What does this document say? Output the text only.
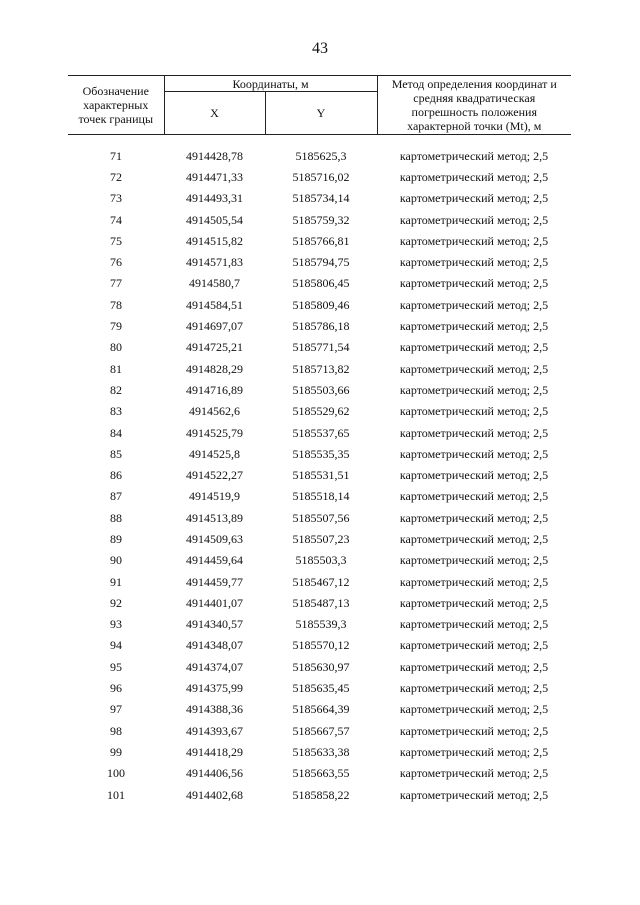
43
Обозначение характерных точек границы	Координаты, м		Метод определения координат и средняя квадратическая погрешность положения характерной точки (Mt), м
	X	Y	

71	4914428,78	5185625,3	картометрический метод; 2,5
72	4914471,33	5185716,02	картометрический метод; 2,5
73	4914493,31	5185734,14	картометрический метод; 2,5
74	4914505,54	5185759,32	картометрический метод; 2,5
75	4914515,82	5185766,81	картометрический метод; 2,5
76	4914571,83	5185794,75	картометрический метод; 2,5
77	4914580,7	5185806,45	картометрический метод; 2,5
78	4914584,51	5185809,46	картометрический метод; 2,5
79	4914697,07	5185786,18	картометрический метод; 2,5
80	4914725,21	5185771,54	картометрический метод; 2,5
81	4914828,29	5185713,82	картометрический метод; 2,5
82	4914716,89	5185503,66	картометрический метод; 2,5
83	4914562,6	5185529,62	картометрический метод; 2,5
84	4914525,79	5185537,65	картометрический метод; 2,5
85	4914525,8	5185535,35	картометрический метод; 2,5
86	4914522,27	5185531,51	картометрический метод; 2,5
87	4914519,9	5185518,14	картометрический метод; 2,5
88	4914513,89	5185507,56	картометрический метод; 2,5
89	4914509,63	5185507,23	картометрический метод; 2,5
90	4914459,64	5185503,3	картометрический метод; 2,5
91	4914459,77	5185467,12	картометрический метод; 2,5
92	4914401,07	5185487,13	картометрический метод; 2,5
93	4914340,57	5185539,3	картометрический метод; 2,5
94	4914348,07	5185570,12	картометрический метод; 2,5
95	4914374,07	5185630,97	картометрический метод; 2,5
96	4914375,99	5185635,45	картометрический метод; 2,5
97	4914388,36	5185664,39	картометрический метод; 2,5
98	4914393,67	5185667,57	картометрический метод; 2,5
99	4914418,29	5185633,38	картометрический метод; 2,5
100	4914406,56	5185663,55	картометрический метод; 2,5
101	4914402,68	5185858,22	картометрический метод; 2,5
